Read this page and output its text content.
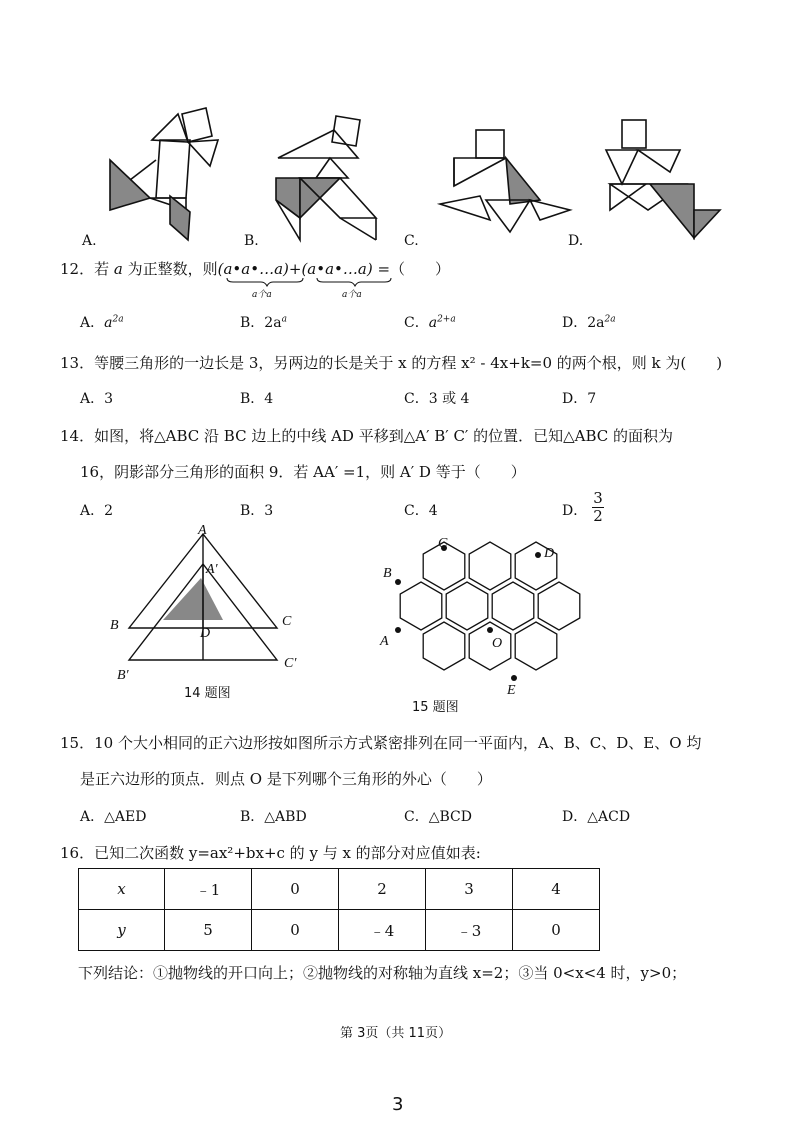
A.	B.	C.	D.
12．若 a 为正整数，则(a•a•…a)+(a•a•…a) =（　　）
a个a	a个a
A．$a^{2a}$	B．$2a^a$	C．$a^{2+a}$	D．$2a^{2a}$
13．等腰三角形的一边长是 3，另两边的长是关于 x 的方程 x² - 4x+k=0 的两个根，则 k 为(　　)
A．3	B．4	C．3 或 4	D．7
14．如图，将△ABC 沿 BC 边上的中线 AD 平移到△A′ B′ C′ 的位置．已知△ABC 的面积为
16，阴影部分三角形的面积 9．若 AA′ =1，则 A′ D 等于（　　）
A．2	B．3	C．4	D．
3
2
A
A′
B	C
D
B′
C′
14 题图
C
D
B
A	O
E
15 题图
15．10 个大小相同的正六边形按如图所示方式紧密排列在同一平面内，A、B、C、D、E、O 均
是正六边形的顶点．则点 O 是下列哪个三角形的外心（　　）
A．△AED	B．△ABD	C．△BCD	D．△ACD
16．已知二次函数 y=ax²+bx+c 的 y 与 x 的部分对应值如表:
x	﹣1	0	2	3	4
y	5	0	﹣4	﹣3	0
下列结论：①抛物线的开口向上；②抛物线的对称轴为直线 x=2；③当 0<x<4 时，y>0；
第 3页（共 11页）
3
